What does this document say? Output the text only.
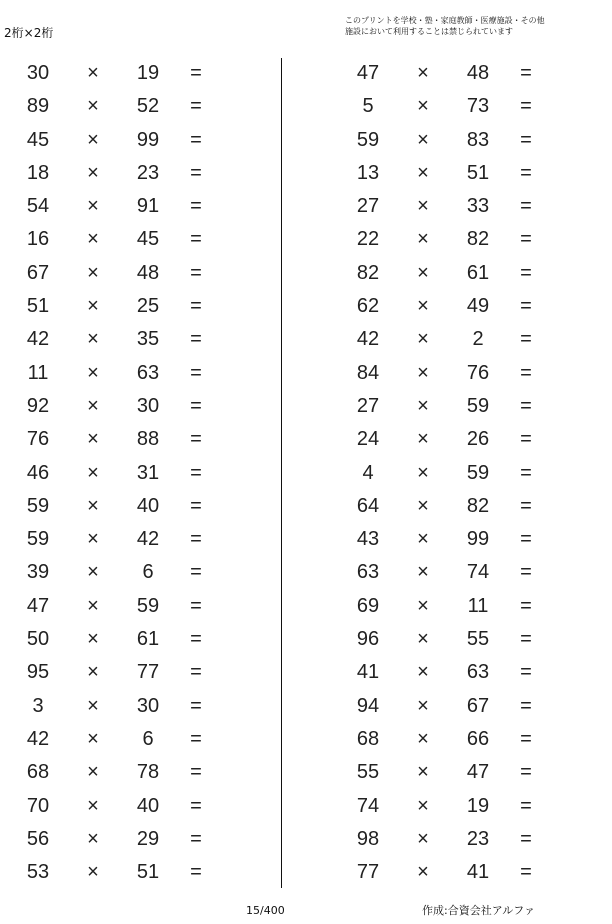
2桁×2桁
このプリントを学校・塾・家庭教師・医療施設・その他
施設において利用することは禁じられています
30	×	19	=
89	×	52	=
45	×	99	=
18	×	23	=
54	×	91	=
16	×	45	=
67	×	48	=
51	×	25	=
42	×	35	=
11	×	63	=
92	×	30	=
76	×	88	=
46	×	31	=
59	×	40	=
59	×	42	=
39	×	6	=
47	×	59	=
50	×	61	=
95	×	77	=
3	×	30	=
42	×	6	=
68	×	78	=
70	×	40	=
56	×	29	=
53	×	51	=
47	×	48	=
5	×	73	=
59	×	83	=
13	×	51	=
27	×	33	=
22	×	82	=
82	×	61	=
62	×	49	=
42	×	2	=
84	×	76	=
27	×	59	=
24	×	26	=
4	×	59	=
64	×	82	=
43	×	99	=
63	×	74	=
69	×	11	=
96	×	55	=
41	×	63	=
94	×	67	=
68	×	66	=
55	×	47	=
74	×	19	=
98	×	23	=
77	×	41	=
15/400	作成:合資会社アルファ
